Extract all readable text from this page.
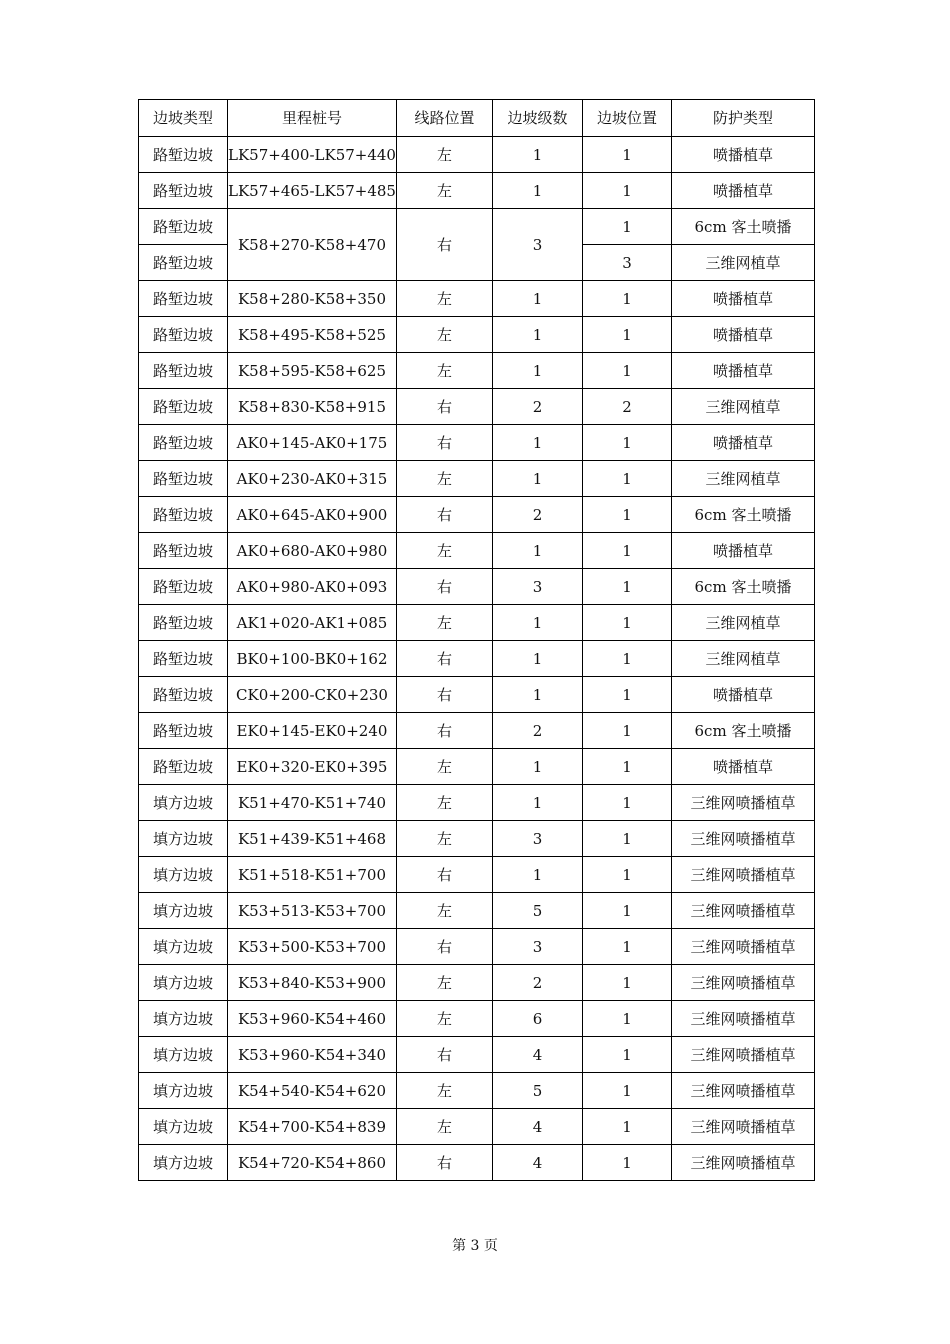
边坡类型	里程桩号	线路位置	边坡级数	边坡位置	防护类型
路堑边坡	LK57+400-LK57+440	左	1	1	喷播植草
路堑边坡	LK57+465-LK57+485	左	1	1	喷播植草
路堑边坡	K58+270-K58+470	右	3	1	6cm 客土喷播
路堑边坡				3	三维网植草
路堑边坡	K58+280-K58+350	左	1	1	喷播植草
路堑边坡	K58+495-K58+525	左	1	1	喷播植草
路堑边坡	K58+595-K58+625	左	1	1	喷播植草
路堑边坡	K58+830-K58+915	右	2	2	三维网植草
路堑边坡	AK0+145-AK0+175	右	1	1	喷播植草
路堑边坡	AK0+230-AK0+315	左	1	1	三维网植草
路堑边坡	AK0+645-AK0+900	右	2	1	6cm 客土喷播
路堑边坡	AK0+680-AK0+980	左	1	1	喷播植草
路堑边坡	AK0+980-AK0+093	右	3	1	6cm 客土喷播
路堑边坡	AK1+020-AK1+085	左	1	1	三维网植草
路堑边坡	BK0+100-BK0+162	右	1	1	三维网植草
路堑边坡	CK0+200-CK0+230	右	1	1	喷播植草
路堑边坡	EK0+145-EK0+240	右	2	1	6cm 客土喷播
路堑边坡	EK0+320-EK0+395	左	1	1	喷播植草
填方边坡	K51+470-K51+740	左	1	1	三维网喷播植草
填方边坡	K51+439-K51+468	左	3	1	三维网喷播植草
填方边坡	K51+518-K51+700	右	1	1	三维网喷播植草
填方边坡	K53+513-K53+700	左	5	1	三维网喷播植草
填方边坡	K53+500-K53+700	右	3	1	三维网喷播植草
填方边坡	K53+840-K53+900	左	2	1	三维网喷播植草
填方边坡	K53+960-K54+460	左	6	1	三维网喷播植草
填方边坡	K53+960-K54+340	右	4	1	三维网喷播植草
填方边坡	K54+540-K54+620	左	5	1	三维网喷播植草
填方边坡	K54+700-K54+839	左	4	1	三维网喷播植草
填方边坡	K54+720-K54+860	右	4	1	三维网喷播植草
第 3 页
